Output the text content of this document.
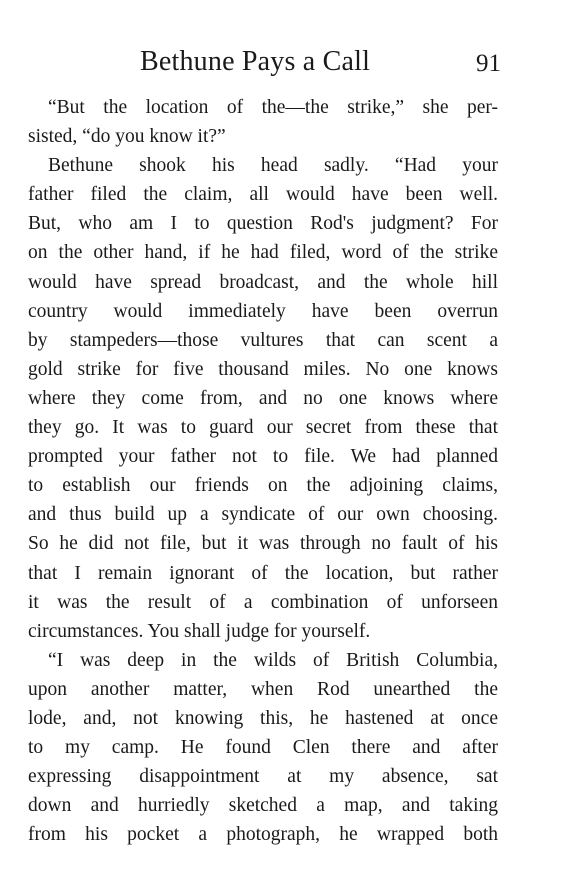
Bethune Pays a Call	91

“But the location of the—the strike,” she per-
sisted, “do you know it?”

Bethune shook his head sadly. “Had your
father filed the claim, all would have been well.
But, who am I to question Rod's judgment? For
on the other hand, if he had filed, word of the strike
would have spread broadcast, and the whole hill
country would immediately have been overrun
by stampeders—those vultures that can scent a
gold strike for five thousand miles. No one knows
where they come from, and no one knows where
they go. It was to guard our secret from these that
prompted your father not to file. We had planned
to establish our friends on the adjoining claims,
and thus build up a syndicate of our own choosing.
So he did not file, but it was through no fault of his
that I remain ignorant of the location, but rather
it was the result of a combination of unforseen
circumstances. You shall judge for yourself.

“I was deep in the wilds of British Columbia,
upon another matter, when Rod unearthed the
lode, and, not knowing this, he hastened at once
to my camp. He found Clen there and after
expressing disappointment at my absence, sat
down and hurriedly sketched a map, and taking
from his pocket a photograph, he wrapped both
